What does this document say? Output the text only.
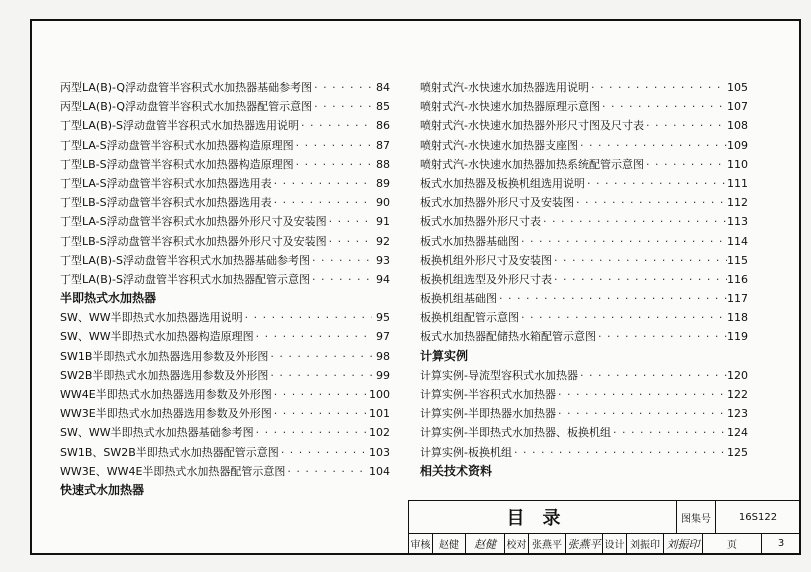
丙型LA(B)-Q浮动盘管半容积式水加热器基础参考图 · · ·	84
丙型LA(B)-Q浮动盘管半容积式水加热器配管示意图 · · ·	85
丁型LA(B)-S浮动盘管半容积式水加热器选用说明 · · ·	86
丁型LA-S浮动盘管半容积式水加热器构造原理图 · · ·	87
丁型LB-S浮动盘管半容积式水加热器构造原理图 · · ·	88
丁型LA-S浮动盘管半容积式水加热器选用表 · · ·	89
丁型LB-S浮动盘管半容积式水加热器选用表 · · ·	90
丁型LA-S浮动盘管半容积式水加热器外形尺寸及安装图 · · ·	91
丁型LB-S浮动盘管半容积式水加热器外形尺寸及安装图 · · ·	92
丁型LA(B)-S浮动盘管半容积式水加热器基础参考图 · · ·	93
丁型LA(B)-S浮动盘管半容积式水加热器配管示意图 · · ·	94
半即热式水加热器
SW、WW半即热式水加热器选用说明 · · ·	95
SW、WW半即热式水加热器构造原理图 · · ·	97
SW1B半即热式水加热器选用参数及外形图 · · ·	98
SW2B半即热式水加热器选用参数及外形图 · · ·	99
WW4E半即热式水加热器选用参数及外形图 · · ·	100
WW3E半即热式水加热器选用参数及外形图 · · ·	101
SW、WW半即热式水加热器基础参考图 · · ·	102
SW1B、SW2B半即热式水加热器配管示意图 · · ·	103
WW3E、WW4E半即热式水加热器配管示意图 · · ·	104
快速式水加热器
喷射式汽-水快速水加热器选用说明 · · ·	105
喷射式汽-水快速水加热器原理示意图 · · ·	107
喷射式汽-水快速水加热器外形尺寸图及尺寸表 · · ·	108
喷射式汽-水快速水加热器支座图 · · ·	109
喷射式汽-水快速水加热器加热系统配管示意图 · · ·	110
板式水加热器及板换机组选用说明 · · ·	111
板式水加热器外形尺寸及安装图 · · ·	112
板式水加热器外形尺寸表 · · ·	113
板式水加热器基础图 · · ·	114
板换机组外形尺寸及安装图 · · ·	115
板换机组选型及外形尺寸表 · · ·	116
板换机组基础图 · · ·	117
板换机组配管示意图 · · ·	118
板式水加热器配储热水箱配管示意图 · · ·	119
计算实例
计算实例-导流型容积式水加热器 · · ·	120
计算实例-半容积式水加热器 · · ·	122
计算实例-半即热器水加热器 · · ·	123
计算实例-半即热式水加热器、板换机组 · · ·	124
计算实例-板换机组 · · ·	125
相关技术资料
目录	图集号	16S122
审核 赵健 赵健 校对 张燕平 张燕平 设计 刘振印 刘振印	页	3
